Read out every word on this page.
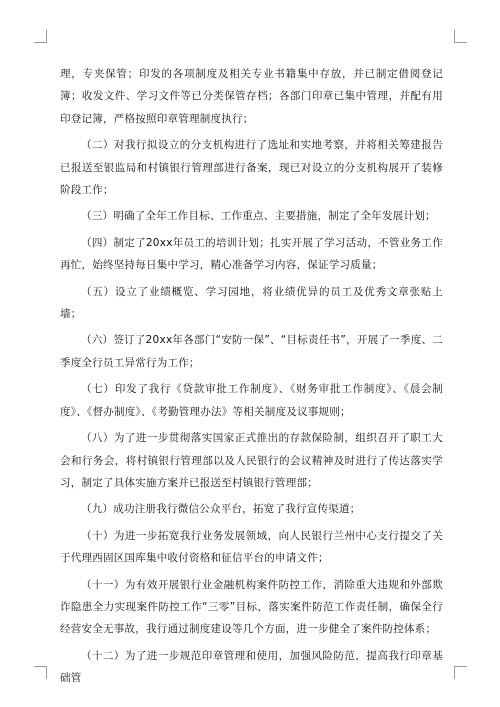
理，专夹保管；印发的各项制度及相关专业书籍集中存放，并已制定借阅登记簿；收发文件、学习文件等已分类保管存档；各部门印章已集中管理，并配有用印登记簿，严格按照印章管理制度执行；

（二）对我行拟设立的分支机构进行了选址和实地考察，并将相关筹建报告已报送至银监局和村镇银行管理部进行备案，现已对设立的分支机构展开了装修阶段工作；

（三）明确了全年工作目标、工作重点、主要措施，制定了全年发展计划；

（四）制定了20xx年员工的培训计划；扎实开展了学习活动，不管业务工作再忙，始终坚持每日集中学习，精心准备学习内容，保证学习质量；

（五）设立了业绩概览、学习园地，将业绩优异的员工及优秀文章张贴上墙；

（六）签订了20xx年各部门“安防一保”、“目标责任书”，开展了一季度、二季度全行员工异常行为工作；

（七）印发了我行《贷款审批工作制度》、《财务审批工作制度》、《晨会制度》、《督办制度》、《考勤管理办法》等相关制度及议事规则；

（八）为了进一步贯彻落实国家正式推出的存款保险制，组织召开了职工大会和行务会，将村镇银行管理部以及人民银行的会议精神及时进行了传达落实学习，制定了具体实施方案并已报送至村镇银行管理部；

（九）成功注册我行微信公众平台，拓宽了我行宣传渠道；

（十）为进一步拓宽我行业务发展领域，向人民银行兰州中心支行提交了关于代理西固区国库集中收付资格和征信平台的申请文件；

（十一）为有效开展银行业金融机构案件防控工作，消除重大违规和外部欺诈隐患全力实现案件防控工作“三零”目标，落实案件防范工作责任制，确保全行经营安全无事故，我行通过制度建设等几个方面，进一步健全了案件防控体系；

（十二）为了进一步规范印章管理和使用，加强风险防范，提高我行印章基础管
